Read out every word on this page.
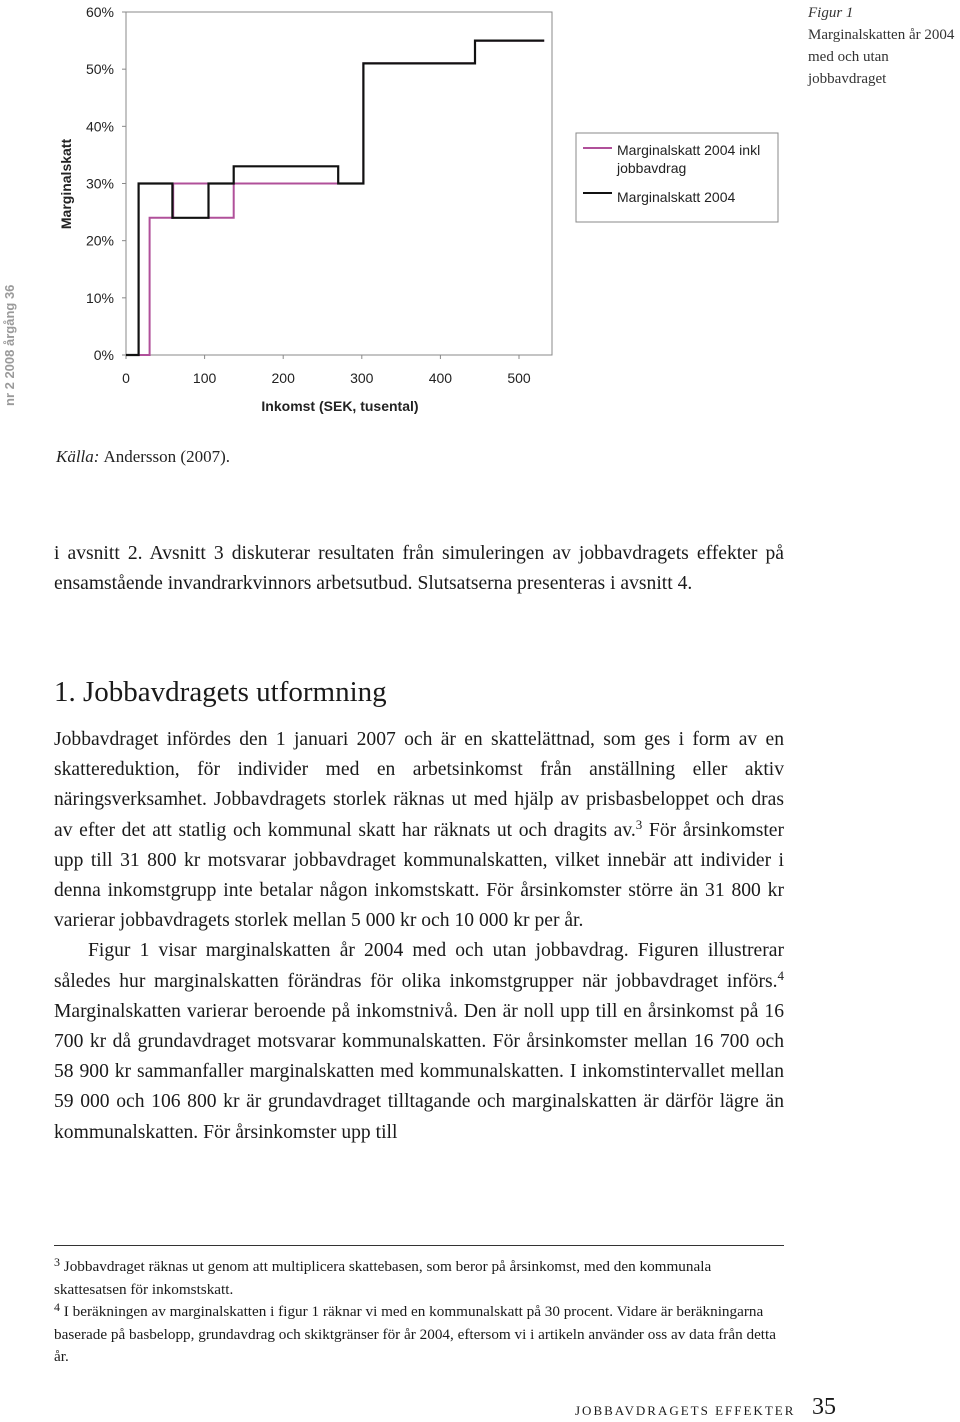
nr 2 2008 årgång 36	0%
10%
20%
30%
40%
50%
60%
0	100	200	300	400	500
Marginalskatt 2004 inkl jobbavdrag
Marginalskatt 2004
Marginalskatt
Inkomst (SEK, tusental)
Figur 1
Marginalskatten år 2004 med och utan jobbavdraget
Källa: Andersson (2007).

i avsnitt 2. Avsnitt 3 diskuterar resultaten från simuleringen av jobbavdragets effekter på ensamstående invandrarkvinnors arbetsutbud. Slutsatserna presenteras i avsnitt 4.

1. Jobbavdragets utformning

Jobbavdraget infördes den 1 januari 2007 och är en skattelättnad, som ges i form av en skattereduktion, för individer med en arbetsinkomst från anställning eller aktiv näringsverksamhet. Jobbavdragets storlek räknas ut med hjälp av prisbasbeloppet och dras av efter det att statlig och kommunal skatt har räknats ut och dragits av.$^3$ För årsinkomster upp till 31 800 kr motsvarar jobbavdraget kommunalskatten, vilket innebär att individer i denna inkomstgrupp inte betalar någon inkomstskatt. För årsinkomster större än 31 800 kr varierar jobbavdragets storlek mellan 5 000 kr och 10 000 kr per år.

Figur 1 visar marginalskatten år 2004 med och utan jobbavdrag. Figuren illustrerar således hur marginalskatten förändras för olika inkomstgrupper när jobbavdraget införs.$^4$ Marginalskatten varierar beroende på inkomstnivå. Den är noll upp till en årsinkomst på 16 700 kr då grundavdraget motsvarar kommunalskatten. För årsinkomster mellan 16 700 och 58 900 kr sammanfaller marginalskatten med kommunalskatten. I inkomstintervallet mellan 59 000 och 106 800 kr är grundavdraget tilltagande och marginalskatten är därför lägre än kommunalskatten. För årsinkomster upp till

$^3$ Jobbavdraget räknas ut genom att multiplicera skattebasen, som beror på årsinkomst, med den kommunala skattesatsen för inkomstskatt.

$^4$ I beräkningen av marginalskatten i figur 1 räknar vi med en kommunalskatt på 30 procent. Vidare är beräkningarna baserade på basbelopp, grundavdrag och skiktgränser för år 2004, eftersom vi i artikeln använder oss av data från detta år.

JOBBAVDRAGETS EFFEKTER 35
